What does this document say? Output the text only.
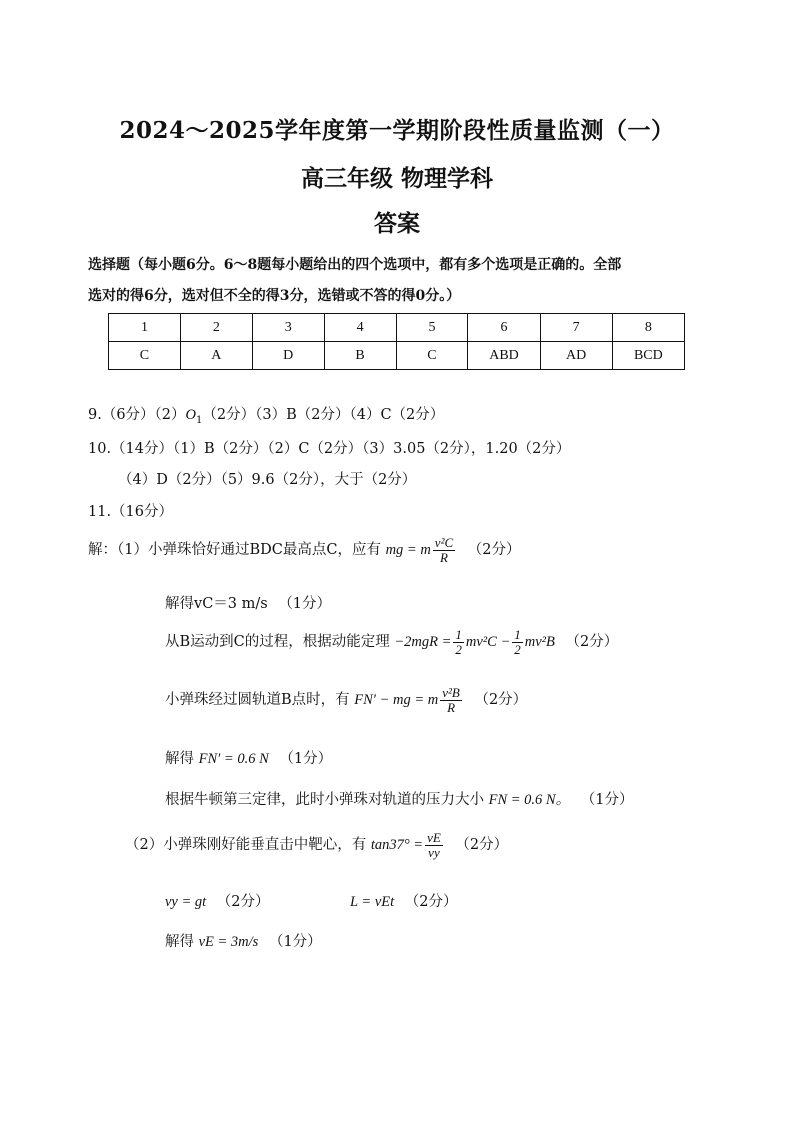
2024～2025学年度第一学期阶段性质量监测（一）
高三年级 物理学科
答案
选择题（每小题6分。6～8题每小题给出的四个选项中，都有多个选项是正确的。全部
选对的得6分，选对但不全的得3分，选错或不答的得0分。）
1	2	3	4	5	6	7	8
C	A	D	B	C	ABD	AD	BCD
9.（6分）$(2)O_1(2$分）（3）B（2分）（4）C（2分）
10.（14分）（1）B（2分）（2）C（2分）（3）3.05（2分），1.20（2分）
（4）D（2分）（5）9.6（2分），大于（2分）
11.（16分）
解：（1）小弹珠恰好通过BDC最高点C，应有 mg = m $\frac{\text{v²C}}{R} (2$分）
解得vC＝3 m/s （1分）
从B运动到C的过程，根据动能定理 $-2mgR = \frac{1}{2} mv^2C - \frac{1}{2} mv^2B$ （2分）
小弹珠经过圆轨道B点时，有 FN′ − mg = m $\frac{\text{v²B}}{R} (2$分）
解得 FN′ = 0.6 N （1分）
根据牛顿第三定律，此时小弹珠对轨道的压力大小 FN = 0.6 N。 （1分）
（2）小弹珠刚好能垂直击中靶心，有 $\tan 37^\circ = \frac{vE}{vy} (2$分）
vy = gt （2分）	L = vEt （2分）
解得 vE = 3m/s （1分）
